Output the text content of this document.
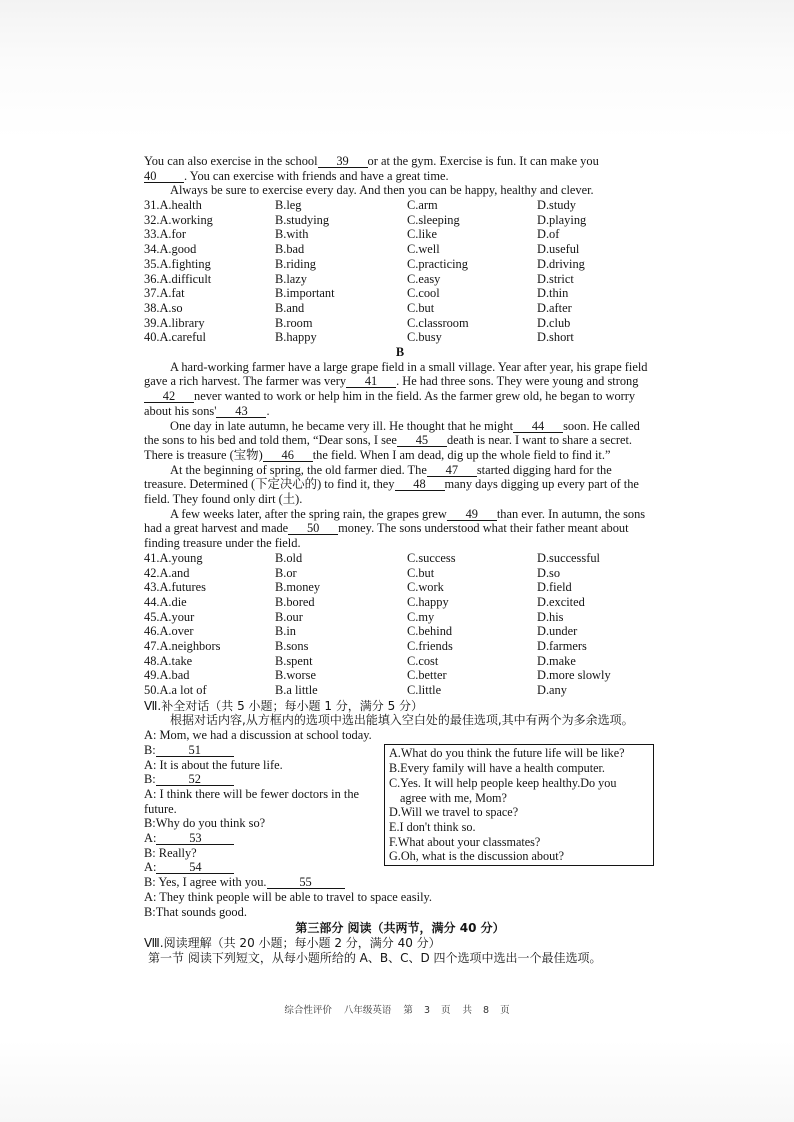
You can also exercise in the school 39 or at the gym. Exercise is fun. It can make you

40 . You can exercise with friends and have a great time.

Always be sure to exercise every day. And then you can be happy, healthy and clever.

31.A.health	B.leg	C.arm	D.study
32.A.working	B.studying	C.sleeping	D.playing
33.A.for	B.with	C.like	D.of
34.A.good	B.bad	C.well	D.useful
35.A.fighting	B.riding	C.practicing	D.driving
36.A.difficult	B.lazy	C.easy	D.strict
37.A.fat	B.important	C.cool	D.thin
38.A.so	B.and	C.but	D.after
39.A.library	B.room	C.classroom	D.club
40.A.careful	B.happy	C.busy	D.short

B

A hard-working farmer have a large grape field in a small village. Year after year, his grape field gave a rich harvest. The farmer was very 41 . He had three sons. They were young and strong42 never wanted to work or help him in the field. As the farmer grew old, he began to worry about his sons' 43 .

One day in late autumn, he became very ill. He thought that he might 44 soon. He called the sons to his bed and told them, “Dear sons, I see 45 death is near. I want to share a secret. There is treasure (宝物) 46 the field. When I am dead, dig up the whole field to find it.”

At the beginning of spring, the old farmer died. The 47 started digging hard for the treasure. Determined (下定决心的) to find it, they 48 many days digging up every part of the field. They found only dirt (土).

A few weeks later, after the spring rain, the grapes grew 49 than ever. In autumn, the sons had a great harvest and made 50 money. The sons understood what their father meant about finding treasure under the field.

41.A.young	B.old	C.success	D.successful
42.A.and	B.or	C.but	D.so
43.A.futures	B.money	C.work	D.field
44.A.die	B.bored	C.happy	D.excited
45.A.your	B.our	C.my	D.his
46.A.over	B.in	C.behind	D.under
47.A.neighbors	B.sons	C.friends	D.farmers
48.A.take	B.spent	C.cost	D.make
49.A.bad	B.worse	C.better	D.more slowly
50.A.a lot of	B.a little	C.little	D.any

Ⅶ.补全对话（共 5 小题；每小题 1 分，满分 5 分）

根据对话内容,从方框内的选项中选出能填入空白处的最佳选项,其中有两个为多余选项。

A: Mom, we had a discussion at school today.

B:	51

A: It is about the future life.

B:	52

A: I think there will be fewer doctors in the future.

B:Why do you think so?

A:	53

B: Really?

A:	54

B: Yes, I agree with you.	55

A: They think people will be able to travel to space easily.

B:That sounds good.

A.What do you think the future life will be like?

B.Every family will have a health computer.

C.Yes. It will help people keep healthy.Do you

agree with me, Mom?

D.Will we travel to space?

E.I don't think so.

F.What about your classmates?

G.Oh, what is the discussion about?

第三部分 阅读（共两节，满分 40 分）

Ⅷ.阅读理解（共 20 小题；每小题 2 分，满分 40 分）

第一节 阅读下列短文，从每小题所给的 A、B、C、D 四个选项中选出一个最佳选项。

综合性评价 八年级英语 第 3 页 共 8 页
